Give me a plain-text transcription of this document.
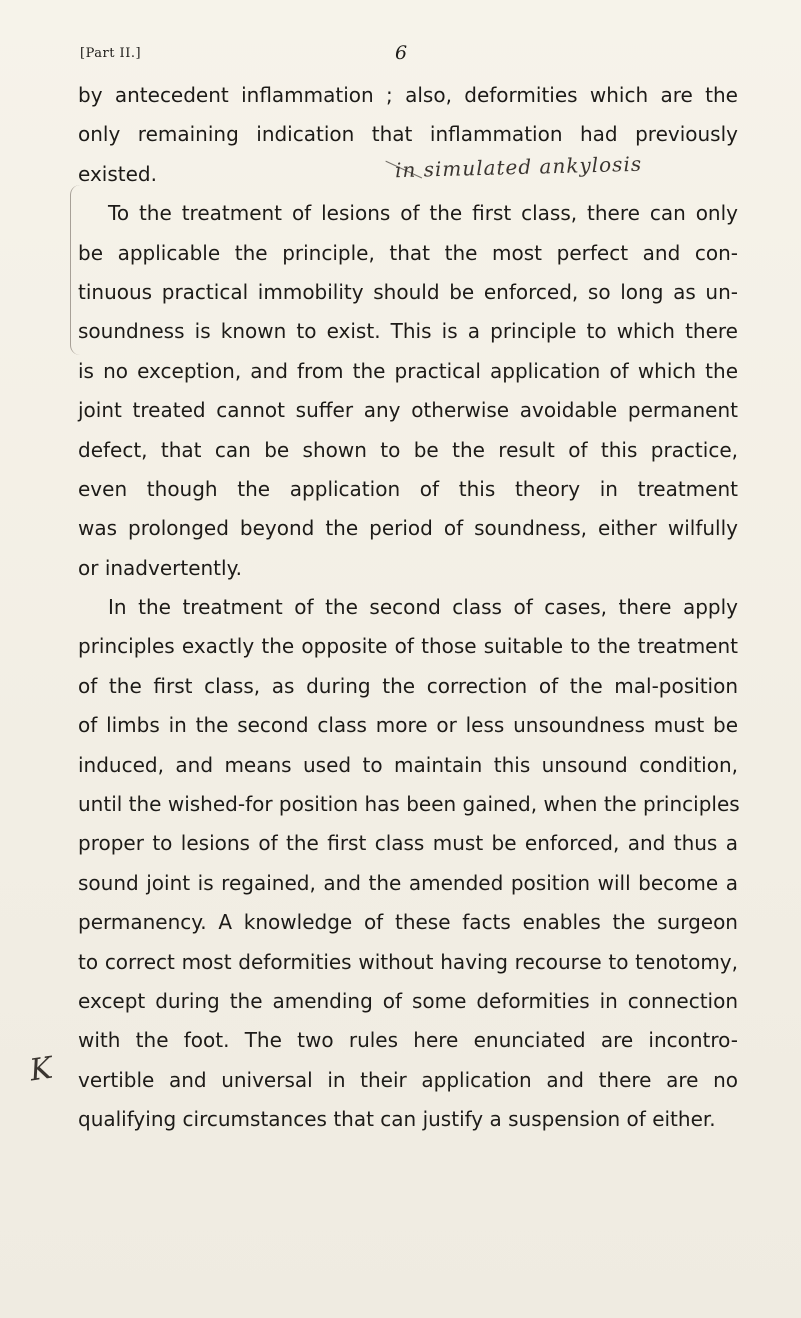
[Part II.]	6
in simulated ankylosis
K
by antecedent inflammation ; also, deformities which are the
only remaining indication that inflammation had previously
existed.
To the treatment of lesions of the first class, there can only
be applicable the principle, that the most perfect and con-
tinuous practical immobility should be enforced, so long as un-
soundness is known to exist. This is a principle to which there
is no exception, and from the practical application of which the
joint treated cannot suffer any otherwise avoidable permanent
defect, that can be shown to be the result of this practice,
even though the application of this theory in treatment
was prolonged beyond the period of soundness, either wilfully
or inadvertently.
In the treatment of the second class of cases, there apply
principles exactly the opposite of those suitable to the treatment
of the first class, as during the correction of the mal-position
of limbs in the second class more or less unsoundness must be
induced, and means used to maintain this unsound condition,
until the wished-for position has been gained, when the principles
proper to lesions of the first class must be enforced, and thus a
sound joint is regained, and the amended position will become a
permanency. A knowledge of these facts enables the surgeon
to correct most deformities without having recourse to tenotomy,
except during the amending of some deformities in connection
with the foot. The two rules here enunciated are incontro-
vertible and universal in their application and there are no
qualifying circumstances that can justify a suspension of either.
